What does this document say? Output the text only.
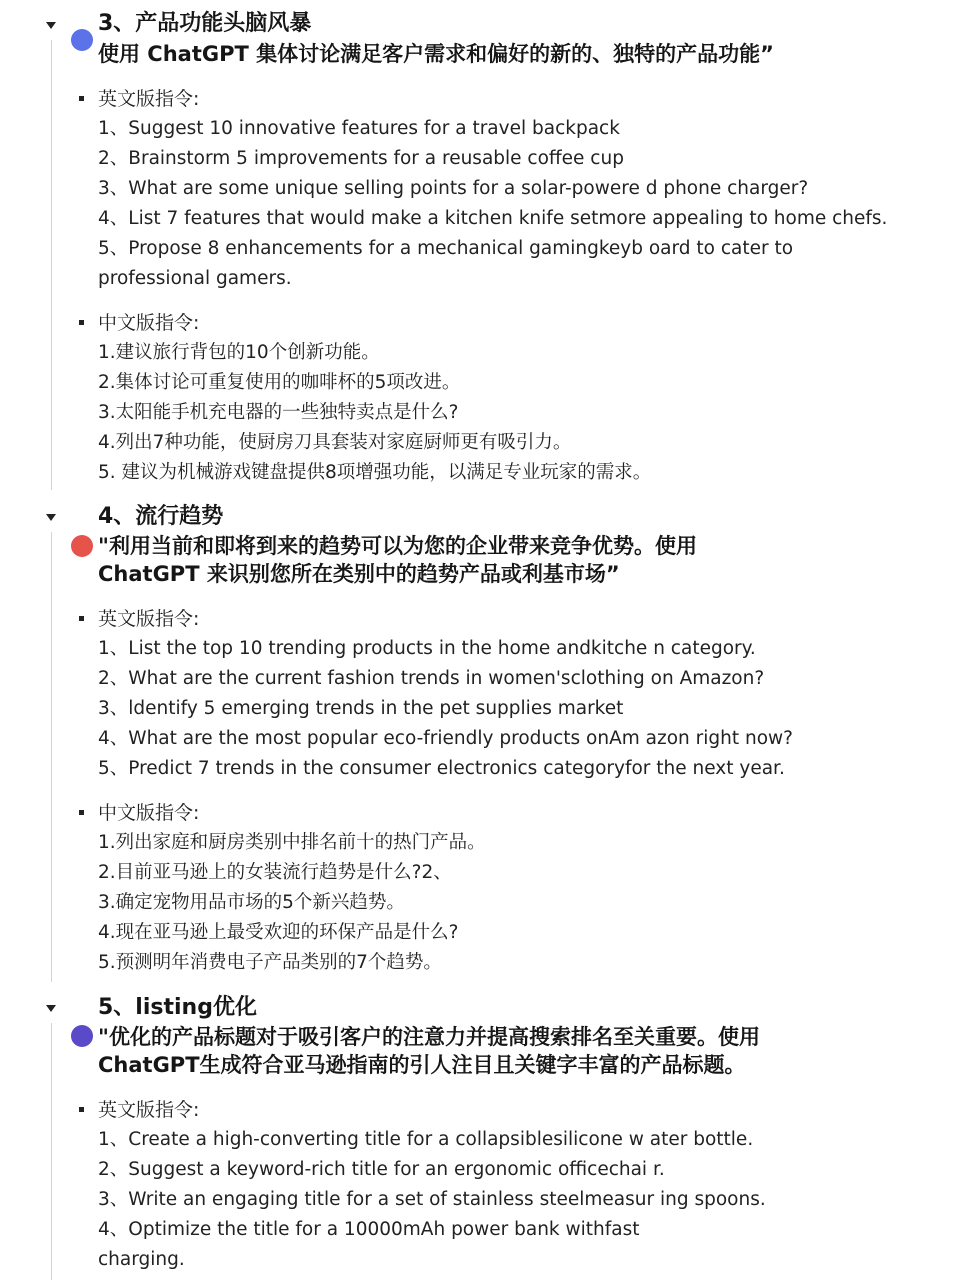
3、产品功能头脑风暴
使用 ChatGPT 集体讨论满足客户需求和偏好的新的、独特的产品功能”
英文版指令:
1、Suggest 10 innovative features for a travel backpack
2、Brainstorm 5 improvements for a reusable coffee cup
3、What are some unique selling points for a solar-powere d phone charger?
4、List 7 features that would make a kitchen knife setmore appealing to home chefs.
5、Propose 8 enhancements for a mechanical gamingkeyb oard to cater to
professional gamers.
中文版指令:
1.建议旅行背包的10个创新功能。
2.集体讨论可重复使用的咖啡杯的5项改进。
3.太阳能手机充电器的一些独特卖点是什么?
4.列出7种功能，使厨房刀具套装对家庭厨师更有吸引力。
5. 建议为机械游戏键盘提供8项增强功能，以满足专业玩家的需求。
4、流行趋势
"利用当前和即将到来的趋势可以为您的企业带来竞争优势。使用
ChatGPT 来识别您所在类别中的趋势产品或利基市场”
英文版指令:
1、List the top 10 trending products in the home andkitche n category.
2、What are the current fashion trends in women'sclothing on Amazon?
3、ldentify 5 emerging trends in the pet supplies market
4、What are the most popular eco-friendly products onAm azon right now?
5、Predict 7 trends in the consumer electronics categoryfor the next year.
中文版指令:
1.列出家庭和厨房类别中排名前十的热门产品。
2.目前亚马逊上的女装流行趋势是什么?2、
3.确定宠物用品市场的5个新兴趋势。
4.现在亚马逊上最受欢迎的环保产品是什么?
5.预测明年消费电子产品类别的7个趋势。
5、listing优化
"优化的产品标题对于吸引客户的注意力并提高搜索排名至关重要。使用
ChatGPT生成符合亚马逊指南的引人注目且关键字丰富的产品标题。
英文版指令:
1、Create a high-converting title for a collapsiblesilicone w ater bottle.
2、Suggest a keyword-rich title for an ergonomic officechai r.
3、Write an engaging title for a set of stainless steelmeasur ing spoons.
4、Optimize the title for a 10000mAh power bank withfast
charging.
